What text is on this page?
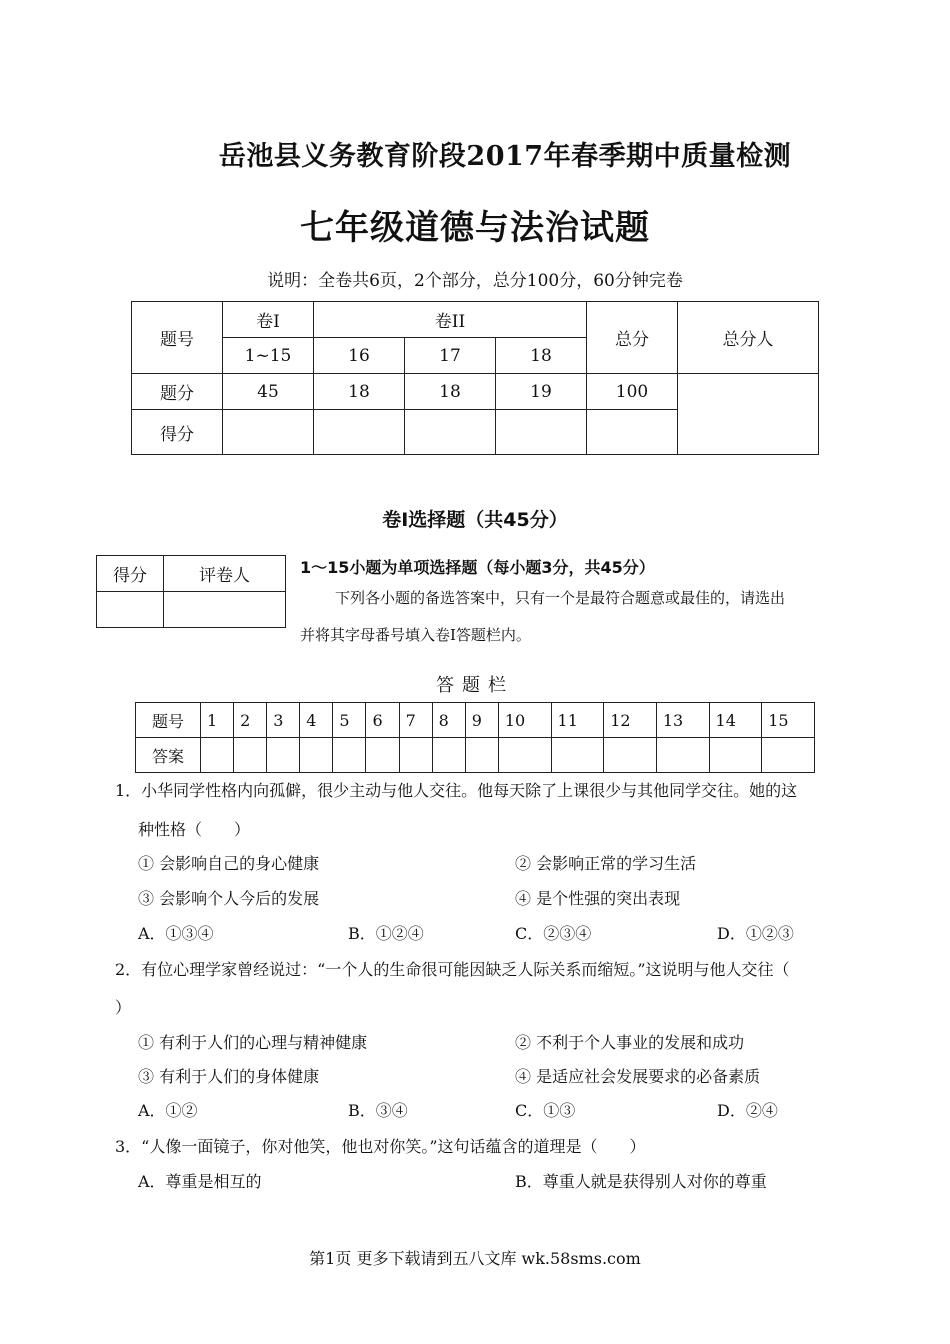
岳池县义务教育阶段2017年春季期中质量检测
七年级道德与法治试题
说明：全卷共6页，2个部分，总分100分，60分钟完卷
题号	卷I	卷II			总分	总分人
	1~15	16	17	18		
题分	45	18	18	19	100	
得分						
卷Ⅰ选择题（共45分）
得分	评卷人
		1～15小题为单项选择题（每小题3分，共45分）
下列各小题的备选答案中，只有一个是最符合题意或最佳的，请选出
并将其字母番号填入卷Ⅰ答题栏内。
答题栏
题号	1	2	3	4	5	6	7	8	9	10	11	12	13	14	15
答案															
1．小华同学性格内向孤僻，很少主动与他人交往。他每天除了上课很少与其他同学交往。她的这
种性格（　　）
① 会影响自己的身心健康	② 会影响正常的学习生活
③ 会影响个人今后的发展	④ 是个性强的突出表现
A．①③④	B．①②④	C．②③④	D．①②③
2．有位心理学家曾经说过：“一个人的生命很可能因缺乏人际关系而缩短。”这说明与他人交往（
）
① 有利于人们的心理与精神健康	② 不利于个人事业的发展和成功
③ 有利于人们的身体健康	④ 是适应社会发展要求的必备素质
A．①②	B．③④	C．①③	D．②④
3．“人像一面镜子，你对他笑，他也对你笑。”这句话蕴含的道理是（　　）
A．尊重是相互的	B．尊重人就是获得别人对你的尊重
第1页 更多下载请到五八文库 wk.58sms.com
